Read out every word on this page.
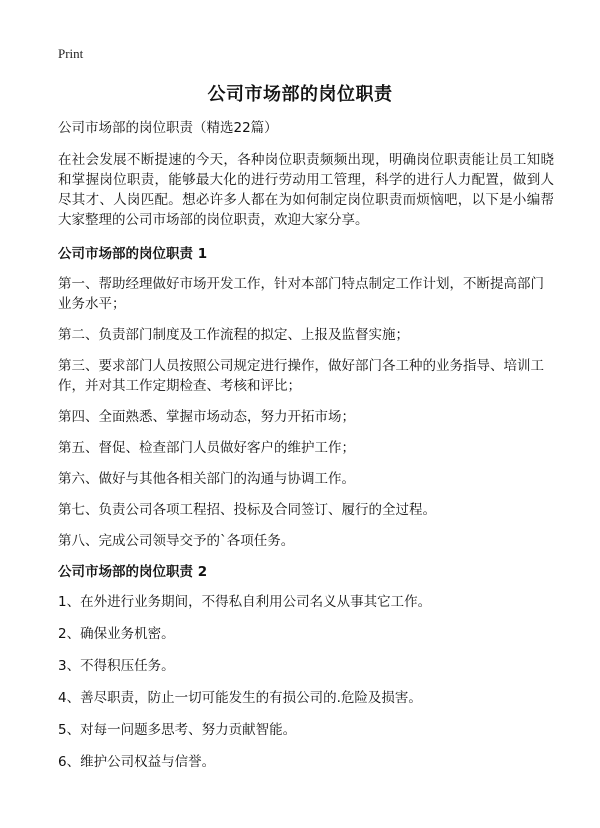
Print
公司市场部的岗位职责

公司市场部的岗位职责（精选22篇）

在社会发展不断提速的今天，各种岗位职责频频出现，明确岗位职责能让员工知晓和掌握岗位职责，能够最大化的进行劳动用工管理，科学的进行人力配置，做到人尽其才、人岗匹配。想必许多人都在为如何制定岗位职责而烦恼吧，以下是小编帮大家整理的公司市场部的岗位职责，欢迎大家分享。

公司市场部的岗位职责 1

第一、帮助经理做好市场开发工作，针对本部门特点制定工作计划，不断提高部门业务水平；

第二、负责部门制度及工作流程的拟定、上报及监督实施；

第三、要求部门人员按照公司规定进行操作，做好部门各工种的业务指导、培训工作，并对其工作定期检查、考核和评比；

第四、全面熟悉、掌握市场动态，努力开拓市场；

第五、督促、检查部门人员做好客户的维护工作；

第六、做好与其他各相关部门的沟通与协调工作。

第七、负责公司各项工程招、投标及合同签订、履行的全过程。

第八、完成公司领导交予的`各项任务。

公司市场部的岗位职责 2

1、在外进行业务期间，不得私自利用公司名义从事其它工作。

2、确保业务机密。

3、不得积压任务。

4、善尽职责，防止一切可能发生的有损公司的.危险及损害。

5、对每一问题多思考、努力贡献智能。

6、维护公司权益与信誉。
